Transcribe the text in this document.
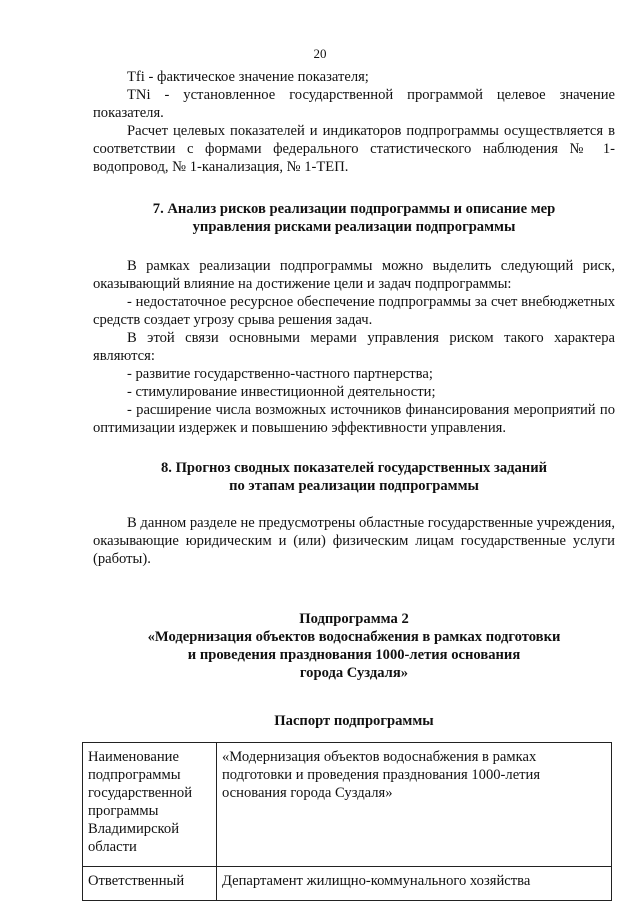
20

Tfi - фактическое значение показателя;

TNi - установленное государственной программой целевое значение показателя.

Расчет целевых показателей и индикаторов подпрограммы осуществляется в соответствии с формами федерального статистического наблюдения № 1-водопровод, № 1-канализация, № 1-ТЕП.

7. Анализ рисков реализации подпрограммы и описание мер
управления рисками реализации подпрограммы

В рамках реализации подпрограммы можно выделить следующий риск, оказывающий влияние на достижение цели и задач подпрограммы:

- недостаточное ресурсное обеспечение подпрограммы за счет внебюджетных средств создает угрозу срыва решения задач.

В этой связи основными мерами управления риском такого характера являются:

- развитие государственно-частного партнерства;

- стимулирование инвестиционной деятельности;

- расширение числа возможных источников финансирования мероприятий по оптимизации издержек и повышению эффективности управления.

8. Прогноз сводных показателей государственных заданий
по этапам реализации подпрограммы

В данном разделе не предусмотрены областные государственные учреждения, оказывающие юридическим и (или) физическим лицам государственные услуги (работы).

Подпрограмма 2
«Модернизация объектов водоснабжения в рамках подготовки
и проведения празднования 1000-летия основания
города Суздаля»
Паспорт подпрограммы
Наименование подпрограммы государственной программы Владимирской области	«Модернизация объектов водоснабжения в рамках подготовки и проведения празднования 1000-летия основания города Суздаля»
Ответственный	Департамент жилищно-коммунального хозяйства
